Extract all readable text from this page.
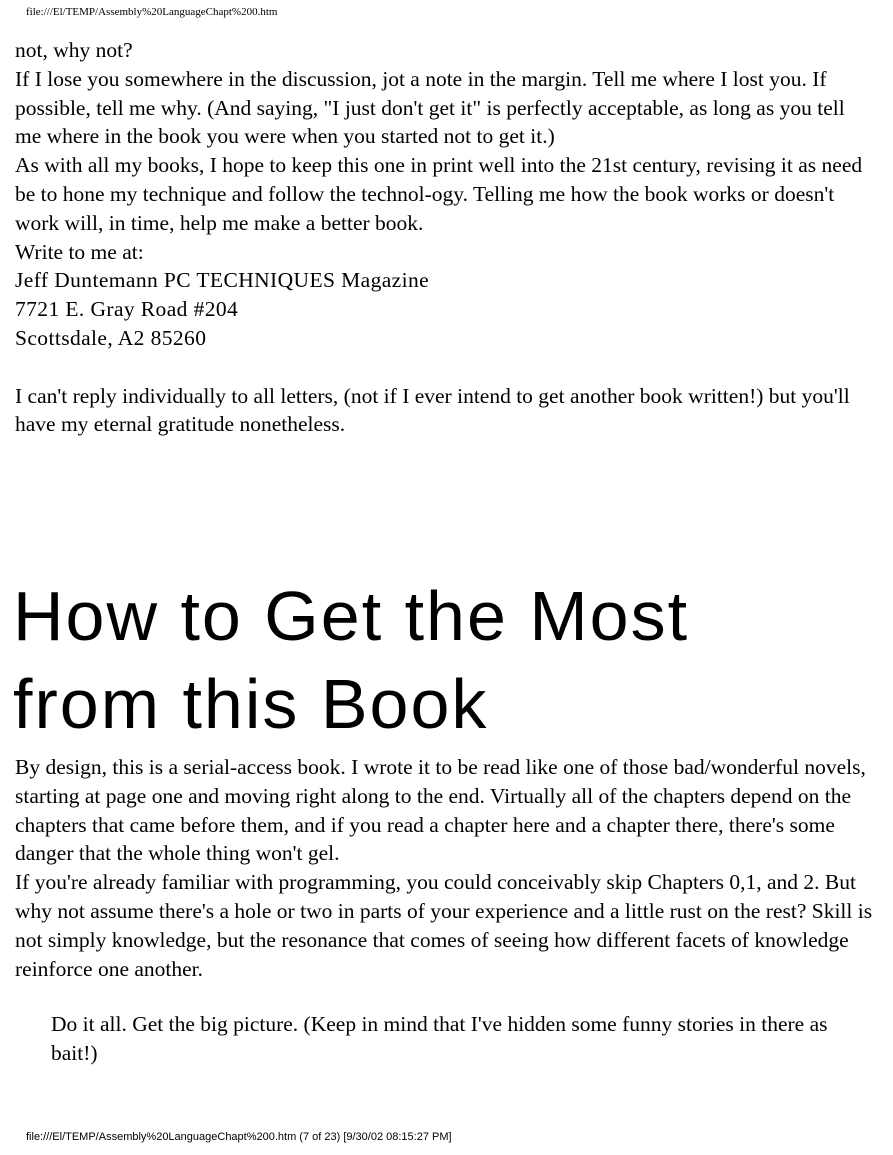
file:///El/TEMP/Assembly%20LanguageChapt%200.htm

not, why not?

If I lose you somewhere in the discussion, jot a note in the margin. Tell me where I lost you. If possible, tell me why. (And saying, "I just don't get it" is perfectly acceptable, as long as you tell me where in the book you were when you started not to get it.)

As with all my books, I hope to keep this one in print well into the 21st century, revising it as need be to hone my technique and follow the technol-ogy. Telling me how the book works or doesn't work will, in time, help me make a better book.

Write to me at:

Jeff Duntemann PC TECHNIQUES Magazine

7721 E. Gray Road #204

Scottsdale, A2 85260

I can't reply individually to all letters, (not if I ever intend to get another book written!) but you'll have my eternal gratitude nonetheless.

How to Get the Most
from this Book

By design, this is a serial-access book. I wrote it to be read like one of those bad/wonderful novels, starting at page one and moving right along to the end. Virtually all of the chapters depend on the chapters that came before them, and if you read a chapter here and a chapter there, there's some danger that the whole thing won't gel.

If you're already familiar with programming, you could conceivably skip Chapters 0,1, and 2. But why not assume there's a hole or two in parts of your experience and a little rust on the rest? Skill is not simply knowledge, but the resonance that comes of seeing how different facets of knowledge reinforce one another.

Do it all. Get the big picture. (Keep in mind that I've hidden some funny stories in there as bait!)

file:///El/TEMP/Assembly%20LanguageChapt%200.htm (7 of 23) [9/30/02 08:15:27 PM]
